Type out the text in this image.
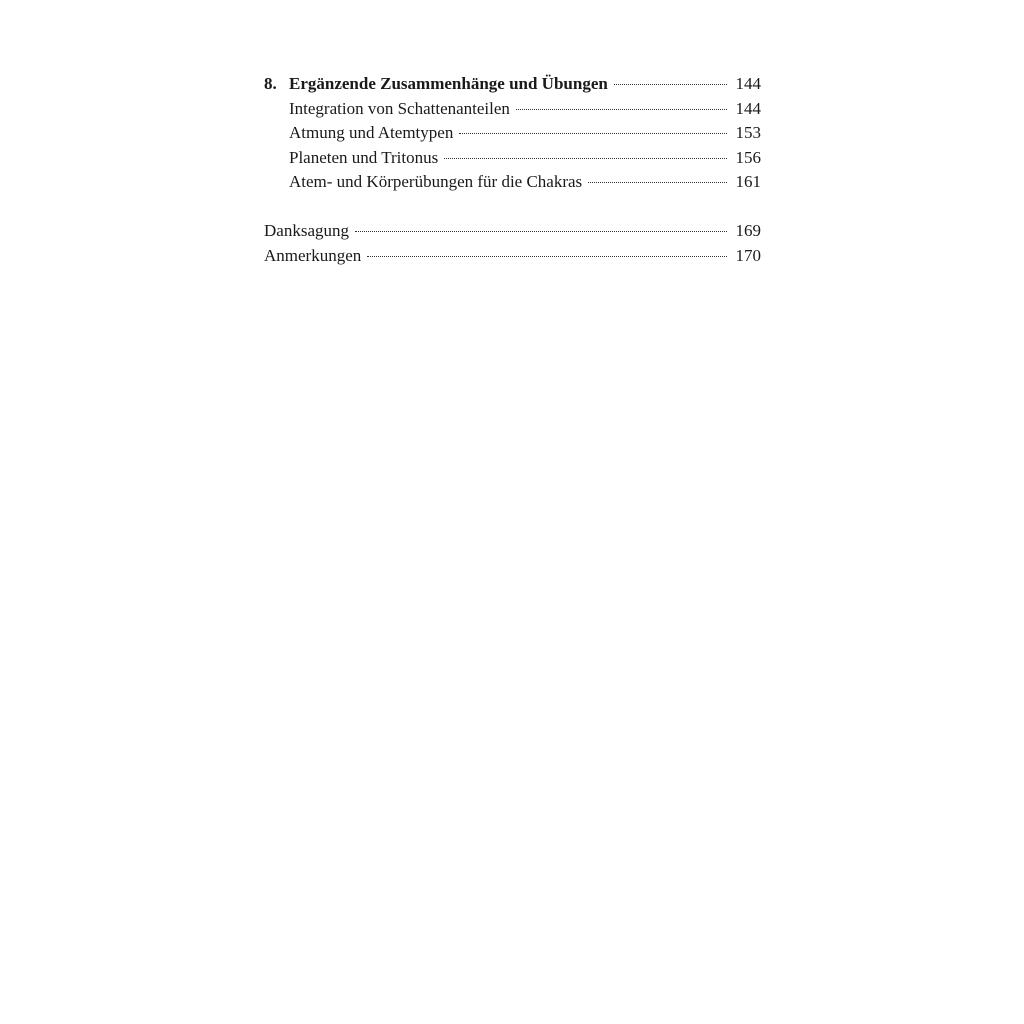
8. Ergänzende Zusammenhänge und Übungen	144
Integration von Schattenanteilen	144
Atmung und Atemtypen	153
Planeten und Tritonus	156
Atem- und Körperübungen für die Chakras	161
Danksagung	169
Anmerkungen	170
